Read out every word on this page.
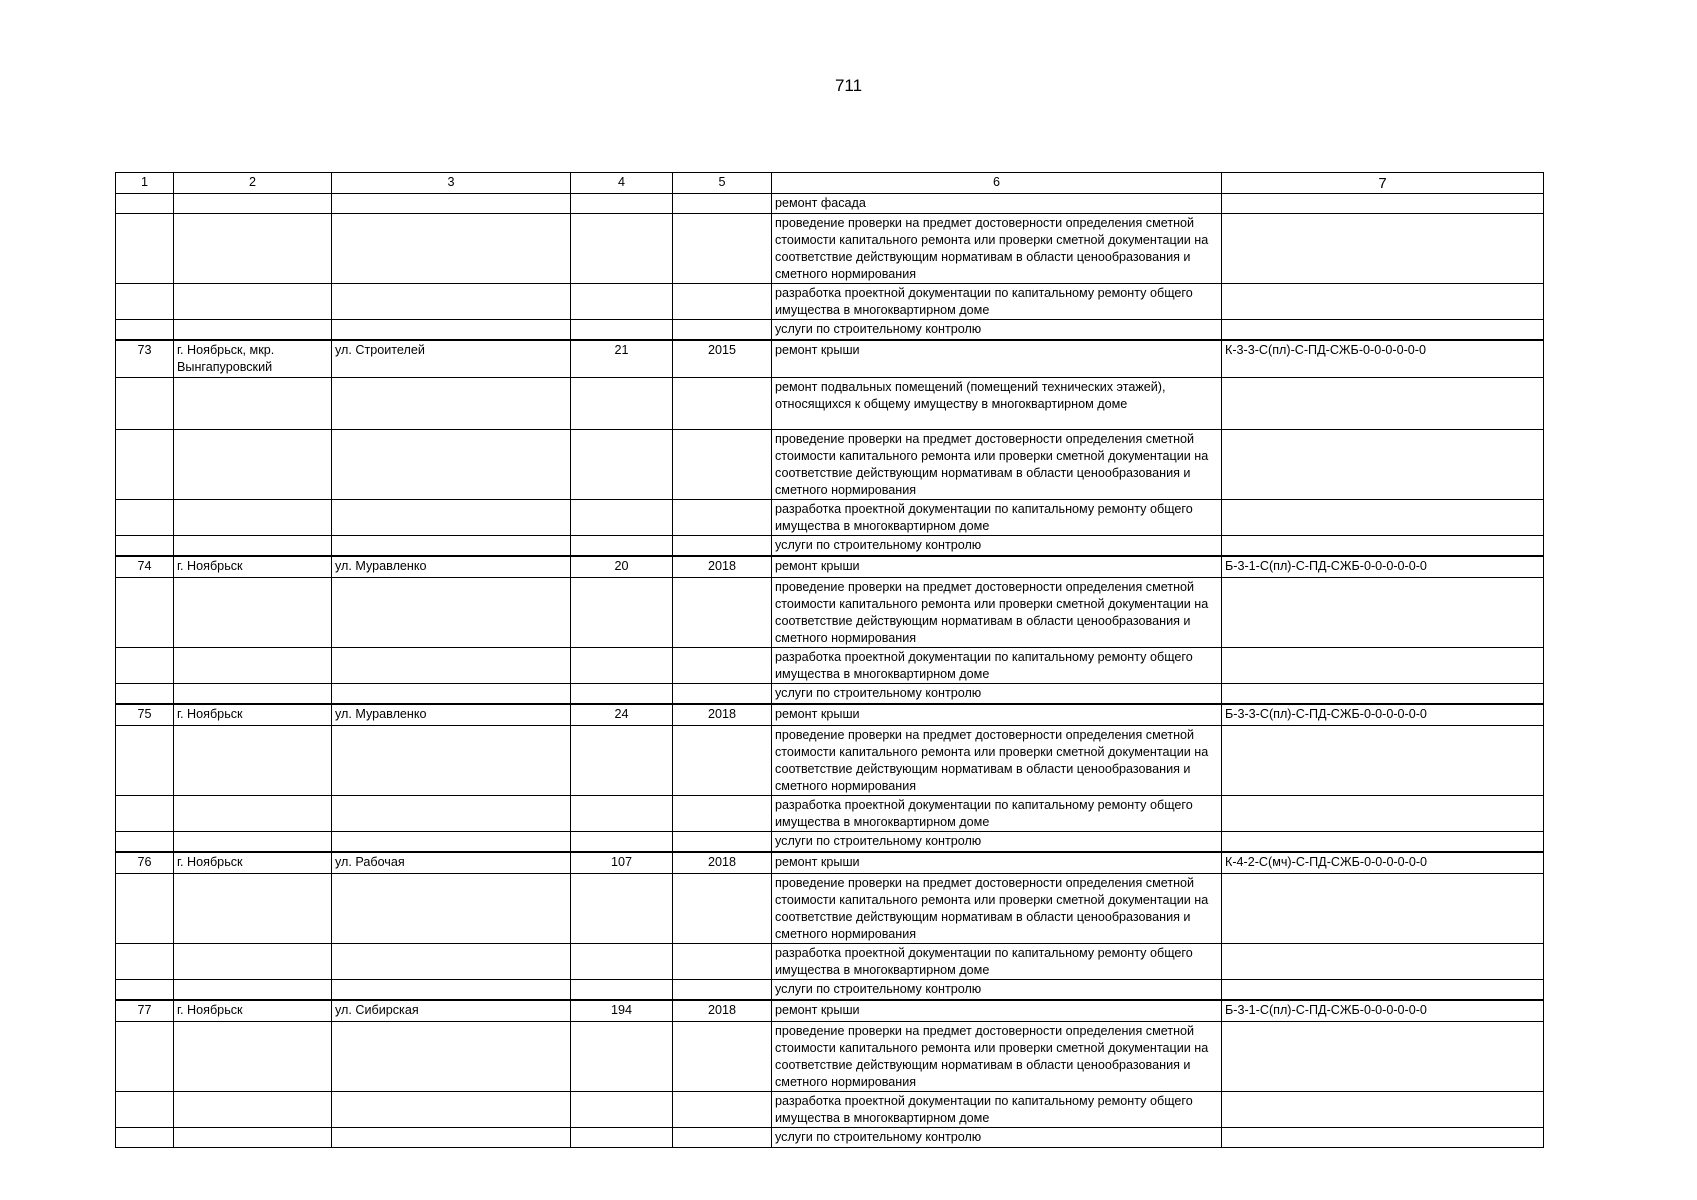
711
1	2	3	4	5	6	7
					ремонт фасада	
					проведение проверки на предмет достоверности определения сметной стоимости капитального ремонта или проверки сметной документации на соответствие действующим нормативам в области ценообразования и сметного нормирования	
					разработка проектной документации по капитальному ремонту общего имущества в многоквартирном доме	
					услуги по строительному контролю	
73	г. Ноябрьск, мкр. Вынгапуровский	ул. Строителей	21	2015	ремонт крыши	К-3-3-С(пл)-С-ПД-СЖБ-0-0-0-0-0-0
					ремонт подвальных помещений (помещений технических этажей), относящихся к общему имуществу в многоквартирном доме	
					проведение проверки на предмет достоверности определения сметной стоимости капитального ремонта или проверки сметной документации на соответствие действующим нормативам в области ценообразования и сметного нормирования	
					разработка проектной документации по капитальному ремонту общего имущества в многоквартирном доме	
					услуги по строительному контролю	
74	г. Ноябрьск	ул. Муравленко	20	2018	ремонт крыши	Б-3-1-С(пл)-С-ПД-СЖБ-0-0-0-0-0-0
					проведение проверки на предмет достоверности определения сметной стоимости капитального ремонта или проверки сметной документации на соответствие действующим нормативам в области ценообразования и сметного нормирования	
					разработка проектной документации по капитальному ремонту общего имущества в многоквартирном доме	
					услуги по строительному контролю	
75	г. Ноябрьск	ул. Муравленко	24	2018	ремонт крыши	Б-3-3-С(пл)-С-ПД-СЖБ-0-0-0-0-0-0
					проведение проверки на предмет достоверности определения сметной стоимости капитального ремонта или проверки сметной документации на соответствие действующим нормативам в области ценообразования и сметного нормирования	
					разработка проектной документации по капитальному ремонту общего имущества в многоквартирном доме	
					услуги по строительному контролю	
76	г. Ноябрьск	ул. Рабочая	107	2018	ремонт крыши	К-4-2-С(мч)-С-ПД-СЖБ-0-0-0-0-0-0
					проведение проверки на предмет достоверности определения сметной стоимости капитального ремонта или проверки сметной документации на соответствие действующим нормативам в области ценообразования и сметного нормирования	
					разработка проектной документации по капитальному ремонту общего имущества в многоквартирном доме	
					услуги по строительному контролю	
77	г. Ноябрьск	ул. Сибирская	194	2018	ремонт крыши	Б-3-1-С(пл)-С-ПД-СЖБ-0-0-0-0-0-0
					проведение проверки на предмет достоверности определения сметной стоимости капитального ремонта или проверки сметной документации на соответствие действующим нормативам в области ценообразования и сметного нормирования	
					разработка проектной документации по капитальному ремонту общего имущества в многоквартирном доме	
					услуги по строительному контролю	
